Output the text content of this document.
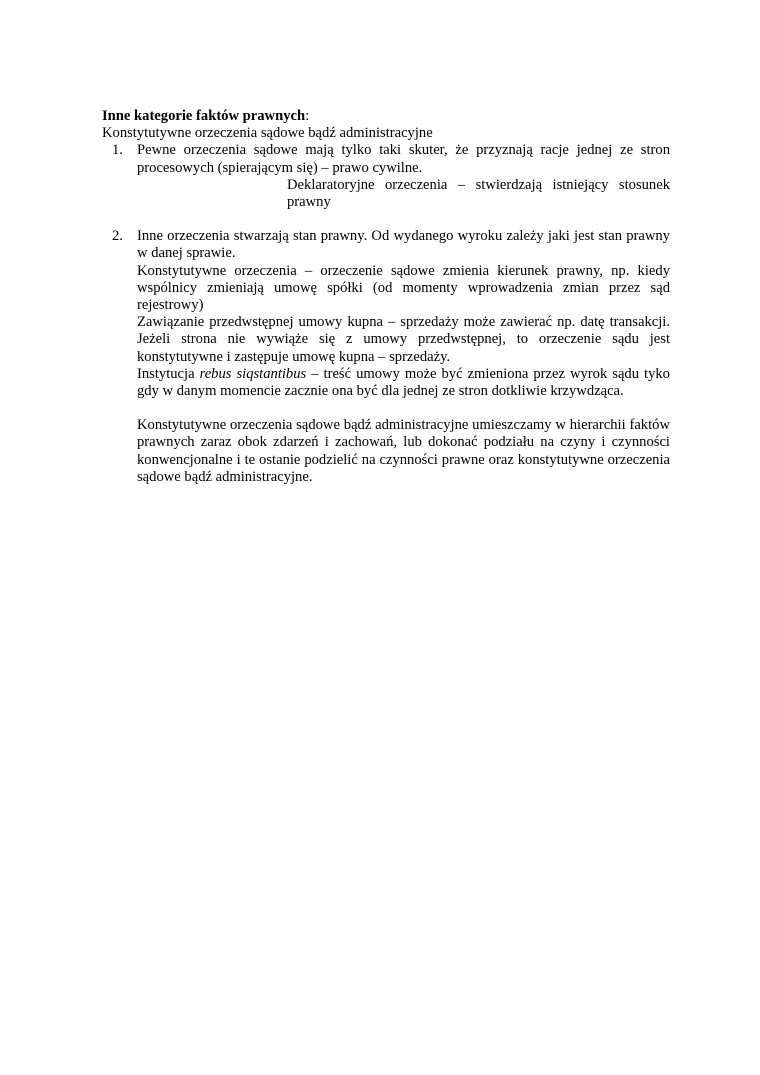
Inne kategorie faktów prawnych:

Konstytutywne orzeczenia sądowe bądź administracyjne

1. Pewne orzeczenia sądowe mają tylko taki skuter, że przyznają racje jednej ze stron procesowych (spierającym się) – prawo cywilne.

Deklaratoryjne orzeczenia – stwierdzają istniejący stosunek prawny

2. Inne orzeczenia stwarzają stan prawny. Od wydanego wyroku zależy jaki jest stan prawny w danej sprawie.

Konstytutywne orzeczenia – orzeczenie sądowe zmienia kierunek prawny, np. kiedy wspólnicy zmieniają umowę spółki (od momenty wprowadzenia zmian przez sąd rejestrowy)

Zawiązanie przedwstępnej umowy kupna – sprzedaży może zawierać np. datę transakcji. Jeżeli strona nie wywiąże się z umowy przedwstępnej, to orzeczenie sądu jest konstytutywne i zastępuje umowę kupna – sprzedaży.

Instytucja rebus siqstantibus – treść umowy może być zmieniona przez wyrok sądu tyko gdy w danym momencie zacznie ona być dla jednej ze stron dotkliwie krzywdząca.

Konstytutywne orzeczenia sądowe bądź administracyjne umieszczamy w hierarchii faktów prawnych zaraz obok zdarzeń i zachowań, lub dokonać podziału na czyny i czynności konwencjonalne i te ostanie podzielić na czynności prawne oraz konstytutywne orzeczenia sądowe bądź administracyjne.
